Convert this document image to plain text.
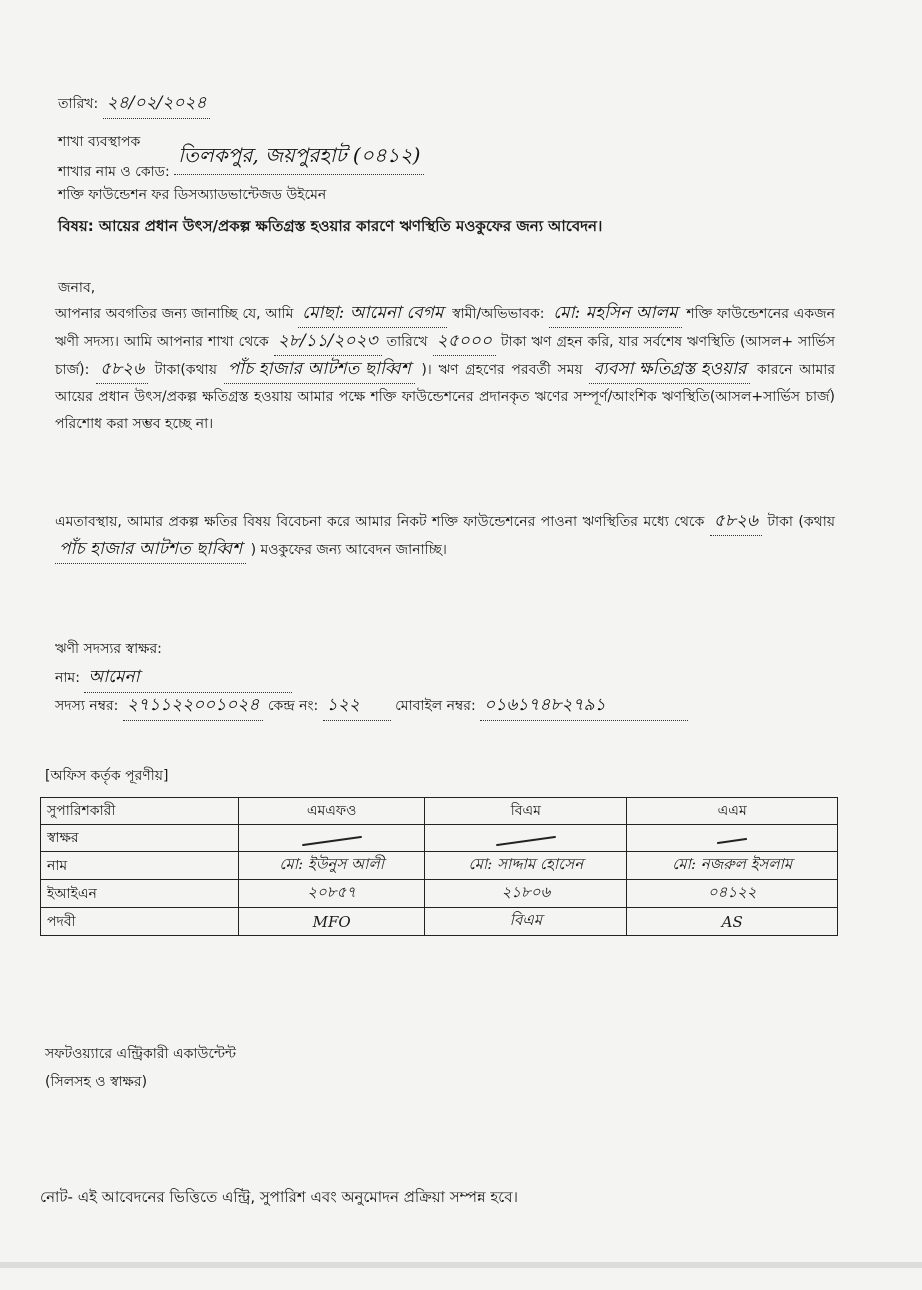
তারিখ: ২৪/০২/২০২৪
শাখা ব্যবস্থাপক
শাখার নাম ও কোড: তিলকপুর, জয়পুরহাট (০৪১২)
শক্তি ফাউন্ডেশন ফর ডিসঅ্যাডভান্টেজড উইমেন
বিষয়: আয়ের প্রধান উৎস/প্রকল্প ক্ষতিগ্রস্ত হওয়ার কারণে ঋণস্থিতি মওকুফের জন্য আবেদন।
জনাব,
আপনার অবগতির জন্য জানাচ্ছি যে, আমি মোছা: আমেনা বেগম স্বামী/অভিভাবক: মো: মহসিন আলম শক্তি ফাউন্ডেশনের একজন ঋণী সদস্য। আমি আপনার শাখা থেকে ২৮/১১/২০২৩ তারিখে ২৫০০০ টাকা ঋণ গ্রহন করি, যার সর্বশেষ ঋণস্থিতি (আসল+ সার্ভিস চার্জ): ৫৮২৬ টাকা(কথায় পাঁচ হাজার আটশত ছাব্বিশ )। ঋণ গ্রহণের পরবর্তী সময় ব্যবসা ক্ষতিগ্রস্ত হওয়ার কারনে আমার আয়ের প্রধান উৎস/প্রকল্প ক্ষতিগ্রস্ত হওয়ায় আমার পক্ষে শক্তি ফাউন্ডেশনের প্রদানকৃত ঋণের সম্পূর্ণ/আংশিক ঋণস্থিতি(আসল+সার্ভিস চার্জ) পরিশোধ করা সম্ভব হচ্ছে না।
এমতাবস্থায়, আমার প্রকল্প ক্ষতির বিষয় বিবেচনা করে আমার নিকট শক্তি ফাউন্ডেশনের পাওনা ঋণস্থিতির মধ্যে থেকে ৫৮২৬ টাকা (কথায় পাঁচ হাজার আটশত ছাব্বিশ ) মওকুফের জন্য আবেদন জানাচ্ছি।
ঋণী সদস্যর স্বাক্ষর:
নাম: আমেনা
সদস্য নম্বর: ২৭১১২২০০১০২৪ কেন্দ্র নং: ১২২	মোবাইল নম্বর: ০১৬১৭৪৮২৭৯১
[অফিস কর্তৃক পূরণীয়]
সুপারিশকারী	এমএফও	বিএম	এএম
স্বাক্ষর			
নাম	মো: ইউনুস আলী	মো: সাদ্দাম হোসেন	মো: নজরুল ইসলাম
ইআইএন	২০৮৫৭	২১৮০৬	০৪১২২
পদবী	MFO	বিএম	AS
সফটওয়্যারে এন্ট্রিকারী একাউন্টেন্ট
(সিলসহ ও স্বাক্ষর)
নোট- এই আবেদনের ভিত্তিতে এন্ট্রি, সুপারিশ এবং অনুমোদন প্রক্রিয়া সম্পন্ন হবে।
